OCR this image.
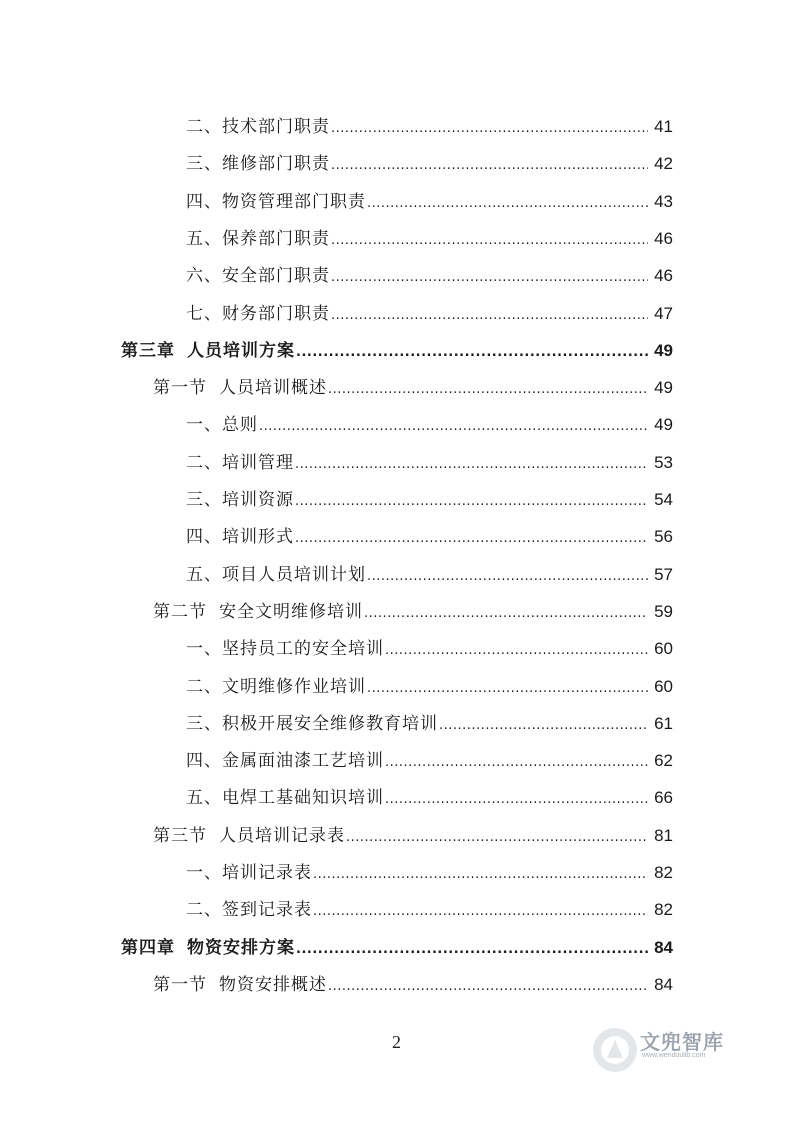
二、 技术部门职责 .....	41
三、 维修部门职责 .....	42
四、 物资管理部门职责 .....	43
五、 保养部门职责 .....	46
六、 安全部门职责 .....	46
七、 财务部门职责 .....	47
第三章 人员培训方案 .....	49
第一节 人员培训概述 .....	49
一、 总则 .....	49
二、 培训管理 .....	53
三、 培训资源 .....	54
四、 培训形式 .....	56
五、 项目人员培训计划 .....	57
第二节 安全文明维修培训 .....	59
一、 坚持员工的安全培训 .....	60
二、 文明维修作业培训 .....	60
三、 积极开展安全维修教育培训 .....	61
四、 金属面油漆工艺培训 .....	62
五、 电焊工基础知识培训 .....	66
第三节 人员培训记录表 .....	81
一、 培训记录表 .....	82
二、 签到记录表 .....	82
第四章 物资安排方案 .....	84
第一节 物资安排概述 .....	84
2	文兜智库
www.wendoulib.com
